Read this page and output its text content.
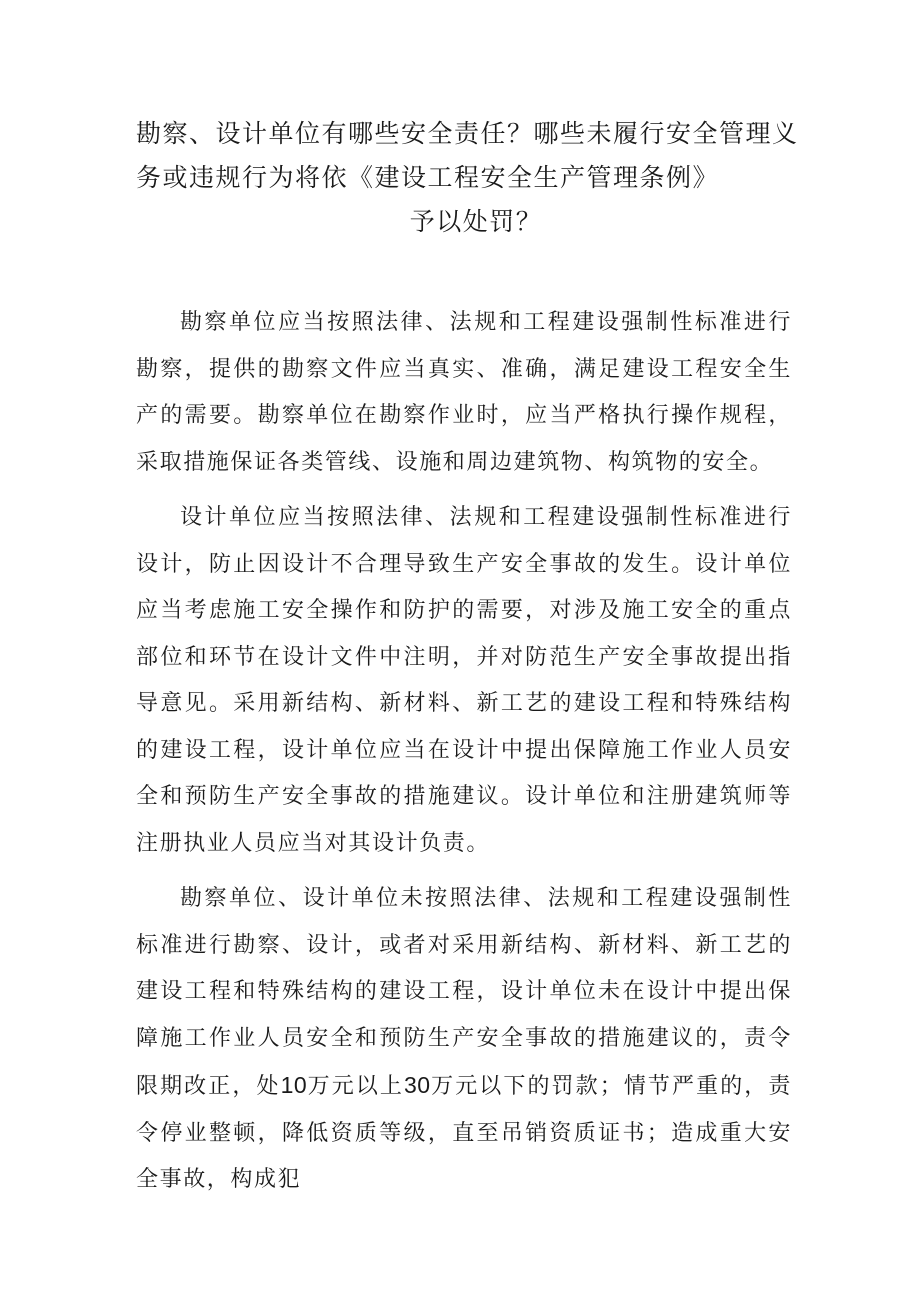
勘察、设计单位有哪些安全责任？哪些未履行安全管理义
务或违规行为将依《建设工程安全生产管理条例》
予以处罚？

勘察单位应当按照法律、法规和工程建设强制性标准进行勘察，提供的勘察文件应当真实、准确，满足建设工程安全生产的需要。勘察单位在勘察作业时，应当严格执行操作规程，采取措施保证各类管线、设施和周边建筑物、构筑物的安全。

设计单位应当按照法律、法规和工程建设强制性标准进行设计，防止因设计不合理导致生产安全事故的发生。设计单位应当考虑施工安全操作和防护的需要，对涉及施工安全的重点部位和环节在设计文件中注明，并对防范生产安全事故提出指导意见。采用新结构、新材料、新工艺的建设工程和特殊结构的建设工程，设计单位应当在设计中提出保障施工作业人员安全和预防生产安全事故的措施建议。设计单位和注册建筑师等注册执业人员应当对其设计负责。

勘察单位、设计单位未按照法律、法规和工程建设强制性标准进行勘察、设计，或者对采用新结构、新材料、新工艺的建设工程和特殊结构的建设工程，设计单位未在设计中提出保障施工作业人员安全和预防生产安全事故的措施建议的，责令限期改正，处10万元以上30万元以下的罚款；情节严重的，责令停业整顿，降低资质等级，直至吊销资质证书；造成重大安全事故，构成犯
